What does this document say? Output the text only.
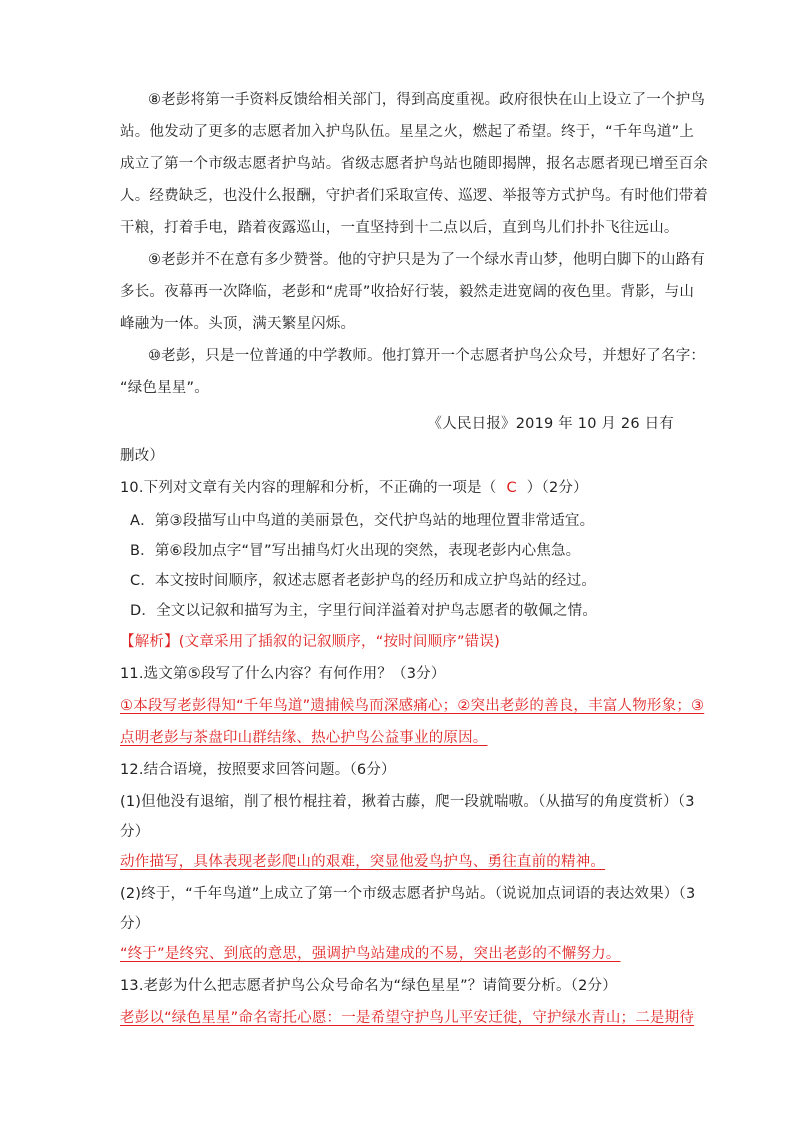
⑧老彭将第一手资料反馈给相关部门，得到高度重视。政府很快在山上设立了一个护鸟
站。他发动了更多的志愿者加入护鸟队伍。星星之火，燃起了希望。终于，“千年鸟道”上
成立了第一个市级志愿者护鸟站。省级志愿者护鸟站也随即揭牌，报名志愿者现已增至百余
人。经费缺乏，也没什么报酬，守护者们采取宣传、巡逻、举报等方式护鸟。有时他们带着
干粮，打着手电，踏着夜露巡山，一直坚持到十二点以后，直到鸟儿们扑扑飞往远山。
⑨老彭并不在意有多少赞誉。他的守护只是为了一个绿水青山梦，他明白脚下的山路有
多长。夜幕再一次降临，老彭和“虎哥”收拾好行装，毅然走进宽阔的夜色里。背影，与山
峰融为一体。头顶，满天繁星闪烁。
⑩老彭，只是一位普通的中学教师。他打算开一个志愿者护鸟公众号，并想好了名字：
“绿色星星”。
《人民日报》2019 年 10 月 26 日有
删改）
10.下列对文章有关内容的理解和分析，不正确的一项是（ C ）（2分）
A．第③段描写山中鸟道的美丽景色，交代护鸟站的地理位置非常适宜。
B．第⑥段加点字“冒”写出捕鸟灯火出现的突然，表现老彭内心焦急。
C．本文按时间顺序，叙述志愿者老彭护鸟的经历和成立护鸟站的经过。
D．全文以记叙和描写为主，字里行间洋溢着对护鸟志愿者的敬佩之情。
【解析】(文章采用了插叙的记叙顺序，“按时间顺序”错误)
11.选文第⑤段写了什么内容？有何作用？（3分）
①本段写老彭得知“千年鸟道”遗捕候鸟而深感痛心；②突出老彭的善良，丰富人物形象；③
点明老彭与茶盘印山群结缘、热心护鸟公益事业的原因。
12.结合语境，按照要求回答问题。（6分）
(1)但他没有退缩，削了根竹棍拄着，揪着古藤，爬一段就喘嗷。（从描写的角度赏析）（3
分）
动作描写，具体表现老彭爬山的艰难，突显他爱鸟护鸟、勇往直前的精神。
(2)终于，“千年鸟道”上成立了第一个市级志愿者护鸟站。（说说加点词语的表达效果）（3
分）
“终于”是终究、到底的意思，强调护鸟站建成的不易，突出老彭的不懈努力。
13.老彭为什么把志愿者护鸟公众号命名为“绿色星星”？请简要分析。（2分）
老彭以“绿色星星”命名寄托心愿：一是希望守护鸟儿平安迁徙，守护绿水青山；二是期待
